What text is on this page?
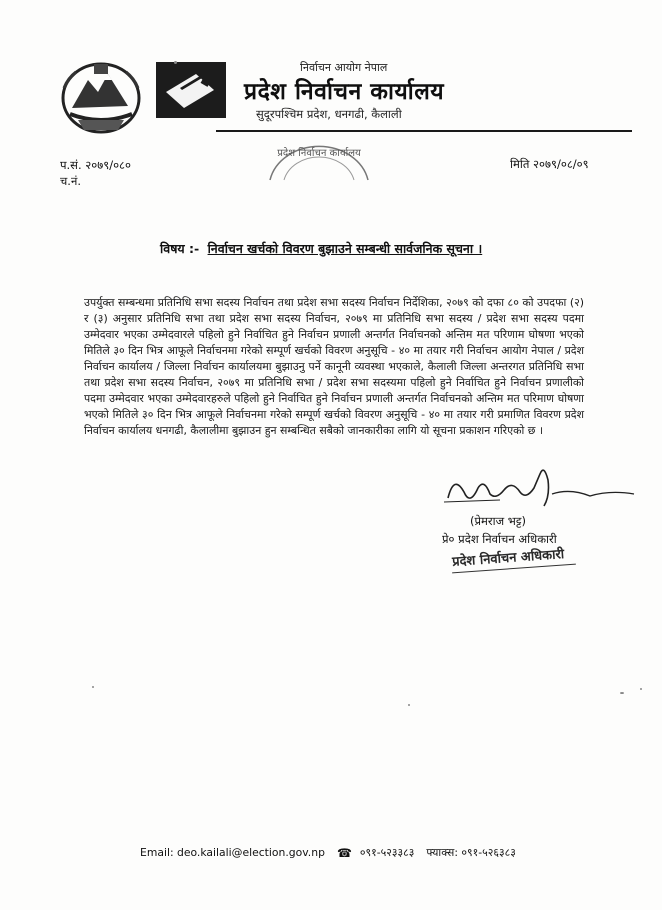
निर्वाचन आयोग नेपाल
प्रदेश निर्वाचन कार्यालय
सुदूरपश्चिम प्रदेश, धनगढी, कैलाली
प.सं. २०७९/०८०
च.नं.
मिति २०७९/०८/०९
प्रदेश निर्वाचन कार्यालय
विषय :- निर्वाचन खर्चको विवरण बुझाउने सम्बन्धी सार्वजनिक सूचना ।
उपर्युक्त सम्बन्धमा प्रतिनिधि सभा सदस्य निर्वाचन तथा प्रदेश सभा सदस्य निर्वाचन निर्देशिका, २०७९ को दफा ८० को उपदफा (२) र (३) अनुसार प्रतिनिधि सभा तथा प्रदेश सभा सदस्य निर्वाचन, २०७९ मा प्रतिनिधि सभा सदस्य / प्रदेश सभा सदस्य पदमा उम्मेदवार भएका उम्मेदवारले पहिलो हुने निर्वाचित हुने निर्वाचन प्रणाली अन्तर्गत निर्वाचनको अन्तिम मत परिणाम घोषणा भएको मितिले ३० दिन भित्र आफूले निर्वाचनमा गरेको सम्पूर्ण खर्चको विवरण अनुसूचि - ४० मा तयार गरी निर्वाचन आयोग नेपाल / प्रदेश निर्वाचन कार्यालय / जिल्ला निर्वाचन कार्यालयमा बुझाउनु पर्ने कानूनी व्यवस्था भएकाले, कैलाली जिल्ला अन्तरगत प्रतिनिधि सभा तथा प्रदेश सभा सदस्य निर्वाचन, २०७९ मा प्रतिनिधि सभा / प्रदेश सभा सदस्यमा पहिलो हुने निर्वाचित हुने निर्वाचन प्रणालीको पदमा उम्मेदवार भएका उम्मेदवारहरुले पहिलो हुने निर्वाचित हुने निर्वाचन प्रणाली अन्तर्गत निर्वाचनको अन्तिम मत परिमाण घोषणा भएको मितिले ३० दिन भित्र आफूले निर्वाचनमा गरेको सम्पूर्ण खर्चको विवरण अनुसूचि - ४० मा तयार गरी प्रमाणित विवरण प्रदेश निर्वाचन कार्यालय धनगढी, कैलालीमा बुझाउन हुन सम्बन्धित सबैको जानकारीका लागि यो सूचना प्रकाशन गरिएको छ ।
(प्रेमराज भट्ट)
प्रे० प्रदेश निर्वाचन अधिकारी
प्रदेश निर्वाचन अधिकारी
Email: deo.kailali@election.gov.np ☎ ०९१-५२३३८३ फ्याक्स: ०९१-५२६३८३
